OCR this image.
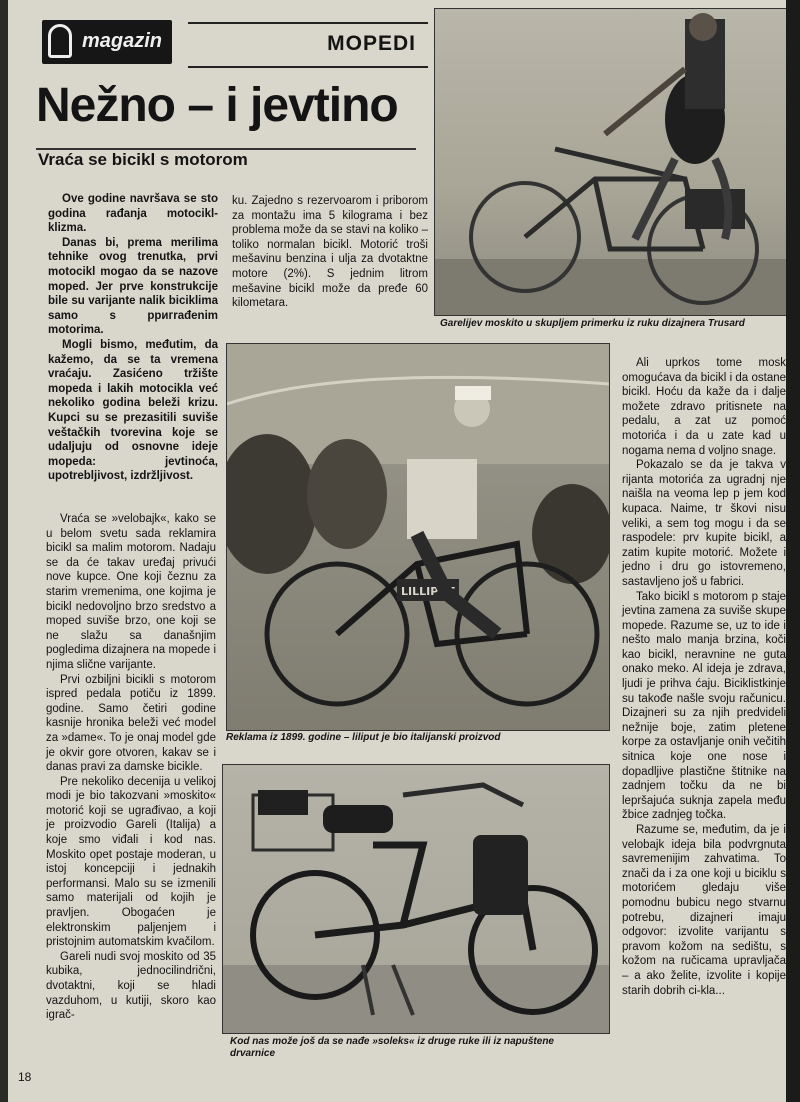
magazin	MOPEDI
Nežno – i jevtino
Vraća se bicikl s motorom

Ove godine navršava se sto godina rađanja motocikl-klizma.

Danas bi, prema merilima tehnike ovog trenutka, prvi motocikl mogao da se nazove moped. Jer prve konstrukcije bile su varijante nalik biciklima samo s pригrađenim motorima.

Mogli bismo, međutim, da kažemo, da se ta vremena vraćaju. Zasićeno tržište mopeda i lakih motocikla već nekoliko godina beleži krizu. Kupci su se prezasitili suviše veštačkih tvorevina koje se udaljuju od osnovne ideje mopeda: jevtinoća, upotrebljivost, izdržljivost.

ku. Zajedno s rezervoarom i priborom za montažu ima 5 kilograma i bez problema može da se stavi na koliko – toliko normalan bicikl. Motorić troši mešavinu benzina i ulja za dvotaktne motore (2%). S jednim litrom mešavine bicikl može da pređe 60 kilometara.

Vraća se »velobajk«, kako se u belom svetu sada reklamira bicikl sa malim motorom. Nadaju se da će takav uređaj privući nove kupce. One koji čeznu za starim vremenima, one kojima je bicikl nedovoljno brzo sredstvo a moped suviše brzo, one koji se ne slažu sa današnjim pogledima dizajnera na mopede i njima slične varijante.

Prvi ozbiljni bicikli s motorom ispred pedala potiču iz 1899. godine. Samo četiri godine kasnije hronika beleži već model za »dame«. To je onaj model gde je okvir gore otvoren, kakav se i danas pravi za damske bicikle.

Pre nekoliko decenija u velikoj modi je bio takozvani »moskito« motorić koji se ugrađivao, a koji je proizvodio Gareli (Italija) a koje smo viđali i kod nas. Moskito opet postaje moderan, u istoj koncepciji i jednakih performansi. Malo su se izmenili samo materijali od kojih je pravljen. Obogaćen je elektronskim paljenjem i pristojnim automatskim kvačilom.

Gareli nudi svoj moskito od 35 kubika, jednocilindrični, dvotaktni, koji se hladi vazduhom, u kutiji, skoro kao igrač-

Ali uprkos tome mosk omogućava da bicikl i da ostane bicikl. Hoću da kaže da i dalje možete zdravo pritisnete na pedalu, a zat uz pomoć motorića i da u zate kad u nogama nema d voljno snage.

Pokazalo se da je takva v rijanta motorića za ugradnj nje naišla na veoma lep p jem kod kupaca. Naime, tr škovi nisu veliki, a sem tog mogu i da se raspodele: prv kupite bicikl, a zatim kupite motorić. Možete i jedno i dru go istovremeno, sastavljeno još u fabrici.

Tako bicikl s motorom p staje jevtina zamena za suviše skupe mopede. Razume se, uz to ide i nešto malo manja brzina, koči kao bicikl, neravnine ne guta onako meko. Al ideja je zdrava, ljudi je prihva ćaju. Biciklistkinje su takođe našle svoju računicu. Dizajneri su za njih predvideli nežnije boje, zatim pletene korpe za ostavljanje onih večitih sitnica koje one nose i dopadljive plastične štitnike na zadnjem točku da ne bi lepršajuća suknja zapela među žbice zadnjeg točka.

Razume se, međutim, da je i velobajk ideja bila podvrgnuta savremenijim zahvatima. To znači da i za one koji u biciklu s motorićem gledaju više pomodnu bubicu nego stvarnu potrebu, dizajneri imaju odgovor: izvolite varijantu s pravom kožom na sedištu, s kožom na ručicama upravljača – a ako želite, izvolite i kopije starih dobrih ci-kla...

Gareliјev moskito u skupljem primerku iz ruku dizajnera Trusard
LILLIPUT
Reklama iz 1899. godine – liliput je bio italijanski proizvod
Kod nas može još da se nađe »soleks« iz druge ruke ili iz napuštene drvarnice
18
